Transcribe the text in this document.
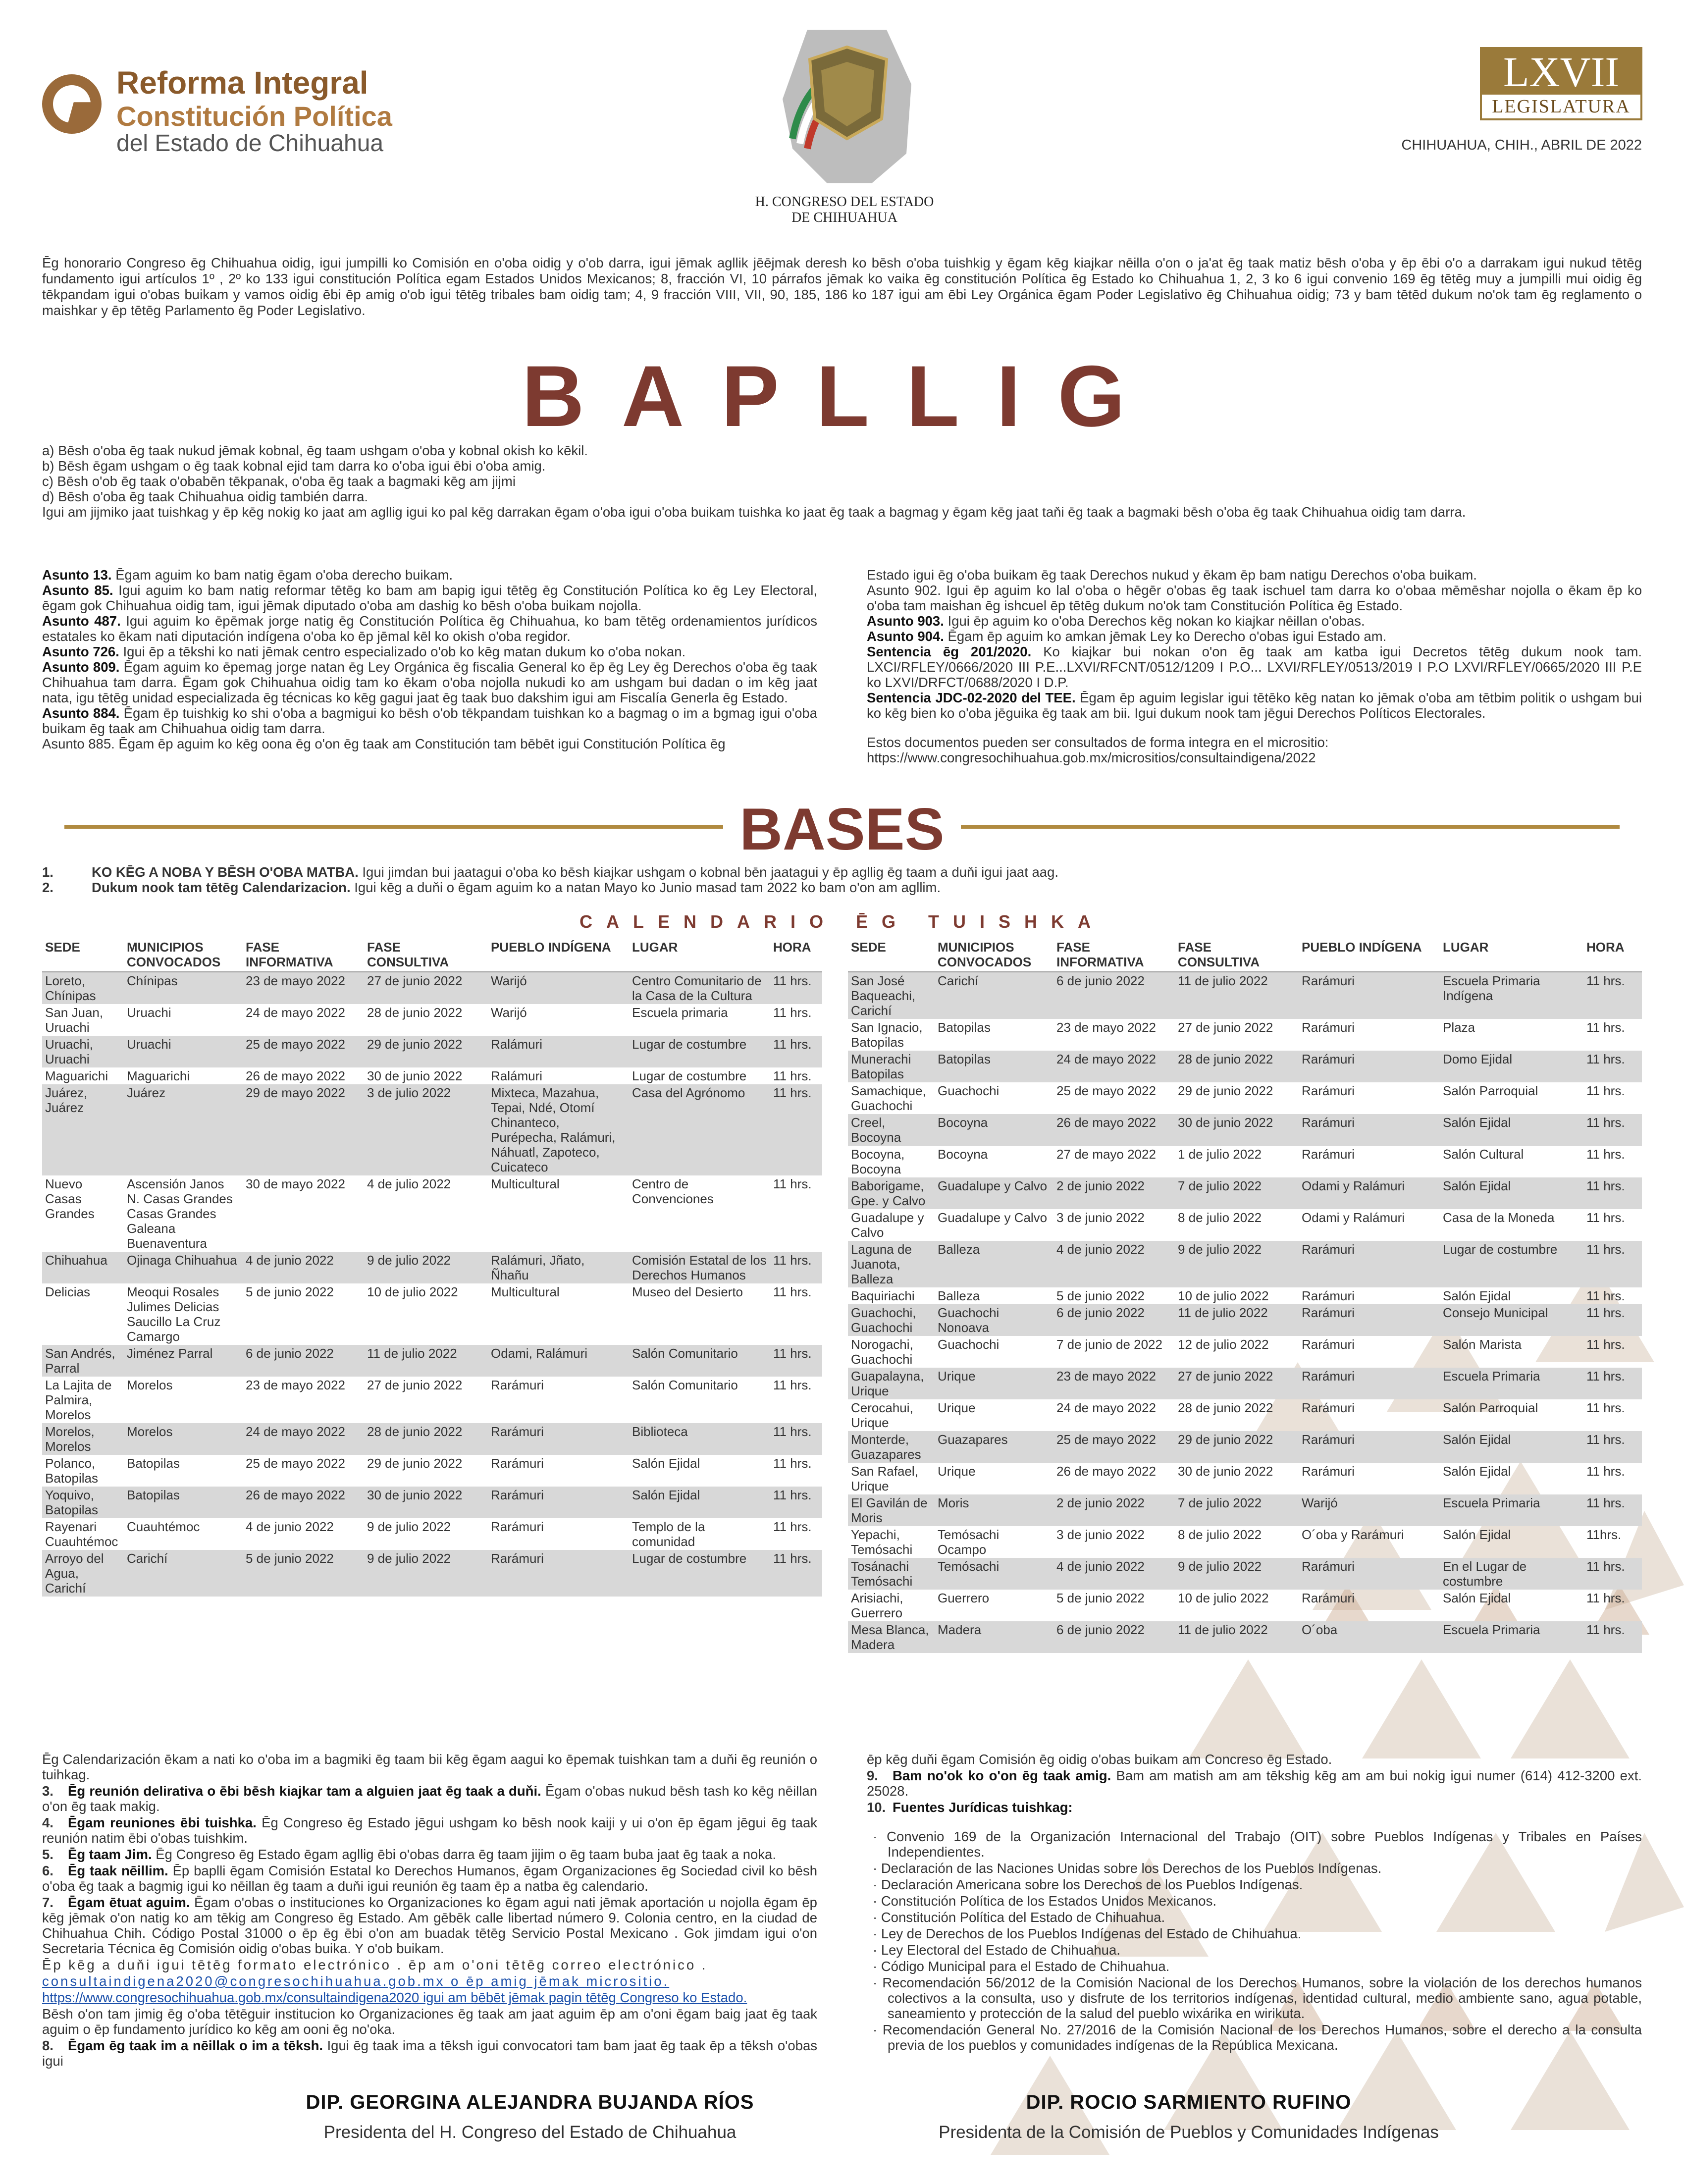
Reforma Integral
Constitución Política
del Estado de Chihuahua
H. CONGRESO DEL ESTADO
DE CHIHUAHUA
LXVII
LEGISLATURA
CHIHUAHUA, CHIH., ABRIL DE 2022
Ēg honorario Congreso ēg Chihuahua oidig, igui jumpilli ko Comisión en o'oba oidig y o'ob darra, igui jēmak agllik jēējmak deresh ko bēsh o'oba tuishkig y ēgam kēg kiajkar nēilla o'on o ja'at ēg taak matiz bēsh o'oba y ēp ēbi o'o a darrakam igui nukud tētēg fundamento igui artículos 1º , 2º ko 133 igui constitución Política egam Estados Unidos Mexicanos; 8, fracción VI, 10 párrafos jēmak ko vaika ēg constitución Política ēg Estado ko Chihuahua 1, 2, 3 ko 6 igui convenio 169 ēg tētēg muy a jumpilli mui oidig ēg tēkpandam igui o'obas buikam y vamos oidig ēbi ēp amig o'ob igui tētēg tribales bam oidig tam; 4, 9 fracción VIII, VII, 90, 185, 186 ko 187 igui am ēbi Ley Orgánica ēgam Poder Legislativo ēg Chihuahua oidig; 73 y bam tētēd dukum no'ok tam ēg reglamento o maishkar y ēp tētēg Parlamento ēg Poder Legislativo.
BAPLLIG
a) Bēsh o'oba ēg taak nukud jēmak kobnal, ēg taam ushgam o'oba y kobnal okish ko kēkil.
b) Bēsh ēgam ushgam o ēg taak kobnal ejid tam darra ko o'oba igui ēbi o'oba amig.
c) Bēsh o'ob ēg taak o'obabēn tēkpanak, o'oba ēg taak a bagmaki kēg am jijmi
d) Bēsh o'oba ēg taak Chihuahua oidig también darra.
Igui am jijmiko jaat tuishkag y ēp kēg nokig ko jaat am agllig igui ko pal kēg darrakan ēgam o'oba igui o'oba buikam tuishka ko jaat ēg taak a bagmag y ēgam kēg jaat taňi ēg taak a bagmaki bēsh o'oba ēg taak Chihuahua oidig tam darra.

Asunto 13. Ēgam aguim ko bam natig ēgam o'oba derecho buikam.

Asunto 85. Igui aguim ko bam natig reformar tētēg ko bam am bapig igui tētēg ēg Constitución Política ko ēg Ley Electoral, ēgam gok Chihuahua oidig tam, igui jēmak diputado o'oba am dashig ko bēsh o'oba buikam nojolla.

Asunto 487. Igui aguim ko ēpēmak jorge natig ēg Constitución Política ēg Chihuahua, ko bam tētēg ordenamientos jurídicos estatales ko ēkam nati diputación indígena o'oba ko ēp jēmal kēl ko okish o'oba regidor.

Asunto 726. Igui ēp a tēkshi ko nati jēmak centro especializado o'ob ko kēg matan dukum ko o'oba nokan.

Asunto 809. Ēgam aguim ko ēpemag jorge natan ēg Ley Orgánica ēg fiscalia General ko ēp ēg Ley ēg Derechos o'oba ēg taak Chihuahua tam darra. Ēgam gok Chihuahua oidig tam ko ēkam o'oba nojolla nukudi ko am ushgam bui dadan o im kēg jaat nata, igu tētēg unidad especializada ēg técnicas ko kēg gagui jaat ēg taak buo dakshim igui am Fiscalía Generla ēg Estado.

Asunto 884. Ēgam ēp tuishkig ko shi o'oba a bagmigui ko bēsh o'ob tēkpandam tuishkan ko a bagmag o im a bgmag igui o'oba buikam ēg taak am Chihuahua oidig tam darra.

Asunto 885. Ēgam ēp aguim ko kēg oona ēg o'on ēg taak am Constitución tam bēbēt igui Constitución Política ēg

Estado igui ēg o'oba buikam ēg taak Derechos nukud y ēkam ēp bam natigu Derechos o'oba buikam.

Asunto 902. Igui ēp aguim ko lal o'oba o hēgēr o'obas ēg taak ischuel tam darra ko o'obaa mēmēshar nojolla o ēkam ēp ko o'oba tam maishan ēg ishcuel ēp tētēg dukum no'ok tam Constitución Política ēg Estado.

Asunto 903. Igui ēp aguim ko o'oba Derechos kēg nokan ko kiajkar nēillan o'obas.

Asunto 904. Ēgam ēp aguim ko amkan jēmak Ley ko Derecho o'obas igui Estado am.

Sentencia ēg 201/2020. Ko kiajkar bui nokan o'on ēg taak am katba igui Decretos tētēg dukum nook tam. LXCI/RFLEY/0666/2020 III P.E...LXVI/RFCNT/0512/1209 I P.O... LXVI/RFLEY/0513/2019 I P.O LXVI/RFLEY/0665/2020 III P.E ko LXVI/DRFCT/0688/2020 I D.P.

Sentencia JDC-02-2020 del TEE. Ēgam ēp aguim legislar igui tētēko kēg natan ko jēmak o'oba am tētbim politik o ushgam bui ko kēg bien ko o'oba jēguika ēg taak am bii. Igui dukum nook tam jēgui Derechos Políticos Electorales.

Estos documentos pueden ser consultados de forma integra en el micrositio:

https://www.congresochihuahua.gob.mx/micrositios/consultaindigena/2022

BASES
1.	KO KĒG A NOBA Y BĒSH O'OBA MATBA. Igui jimdan bui jaatagui o'oba ko bēsh kiajkar ushgam o kobnal bēn jaatagui y ēp agllig ēg taam a duňi igui jaat aag.
2.	Dukum nook tam tētēg Calendarizacion. Igui kēg a duňi o ēgam aguim ko a natan Mayo ko Junio masad tam 2022 ko bam o'on am agllim.
CALENDARIO ĒG TUISHKA
SEDE	MUNICIPIOS CONVOCADOS	FASE INFORMATIVA	FASE CONSULTIVA	PUEBLO INDÍGENA	LUGAR	HORA
Loreto, Chínipas	Chínipas	23 de mayo 2022	27 de junio 2022	Warijó	Centro Comunitario de la Casa de la Cultura	11 hrs.
San Juan, Uruachi	Uruachi	24 de mayo 2022	28 de junio 2022	Warijó	Escuela primaria	11 hrs.
Uruachi, Uruachi	Uruachi	25 de mayo 2022	29 de junio 2022	Ralámuri	Lugar de costumbre	11 hrs.
Maguarichi	Maguarichi	26 de mayo 2022	30 de junio 2022	Ralámuri	Lugar de costumbre	11 hrs.
Juárez, Juárez	Juárez	29 de mayo 2022	3 de julio 2022	Mixteca, Mazahua, Tepai, Ndé, Otomí Chinanteco, Purépecha, Ralámuri, Náhuatl, Zapoteco, Cuicateco	Casa del Agrónomo	11 hrs.
Nuevo Casas Grandes	Ascensión Janos N. Casas Grandes Casas Grandes Galeana Buenaventura	30 de mayo 2022	4 de julio 2022	Multicultural	Centro de Convenciones	11 hrs.
Chihuahua	Ojinaga Chihuahua	4 de junio 2022	9 de julio 2022	Ralámuri, Jñato, Ñhañu	Comisión Estatal de los Derechos Humanos	11 hrs.
Delicias	Meoqui Rosales Julimes Delicias Saucillo La Cruz Camargo	5 de junio 2022	10 de julio 2022	Multicultural	Museo del Desierto	11 hrs.
San Andrés, Parral	Jiménez Parral	6 de junio 2022	11 de julio 2022	Odami, Ralámuri	Salón Comunitario	11 hrs.
La Lajita de Palmira, Morelos	Morelos	23 de mayo 2022	27 de junio 2022	Rarámuri	Salón Comunitario	11 hrs.
Morelos, Morelos	Morelos	24 de mayo 2022	28 de junio 2022	Rarámuri	Biblioteca	11 hrs.
Polanco, Batopilas	Batopilas	25 de mayo 2022	29 de junio 2022	Rarámuri	Salón Ejidal	11 hrs.
Yoquivo, Batopilas	Batopilas	26 de mayo 2022	30 de junio 2022	Rarámuri	Salón Ejidal	11 hrs.
Rayenari Cuauhtémoc	Cuauhtémoc	4 de junio 2022	9 de julio 2022	Rarámuri	Templo de la comunidad	11 hrs.
Arroyo del Agua, Carichí	Carichí	5 de junio 2022	9 de julio 2022	Rarámuri	Lugar de costumbre	11 hrs.
SEDE	MUNICIPIOS CONVOCADOS	FASE INFORMATIVA	FASE CONSULTIVA	PUEBLO INDÍGENA	LUGAR	HORA
San José Baqueachi, Carichí	Carichí	6 de junio 2022	11 de julio 2022	Rarámuri	Escuela Primaria Indígena	11 hrs.
San Ignacio, Batopilas	Batopilas	23 de mayo 2022	27 de junio 2022	Rarámuri	Plaza	11 hrs.
Munerachi Batopilas	Batopilas	24 de mayo 2022	28 de junio 2022	Rarámuri	Domo Ejidal	11 hrs.
Samachique, Guachochi	Guachochi	25 de mayo 2022	29 de junio 2022	Rarámuri	Salón Parroquial	11 hrs.
Creel, Bocoyna	Bocoyna	26 de mayo 2022	30 de junio 2022	Rarámuri	Salón Ejidal	11 hrs.
Bocoyna, Bocoyna	Bocoyna	27 de mayo 2022	1 de julio 2022	Rarámuri	Salón Cultural	11 hrs.
Baborigame, Gpe. y Calvo	Guadalupe y Calvo	2 de junio 2022	7 de julio 2022	Odami y Ralámuri	Salón Ejidal	11 hrs.
Guadalupe y Calvo	Guadalupe y Calvo	3 de junio 2022	8 de julio 2022	Odami y Ralámuri	Casa de la Moneda	11 hrs.
Laguna de Juanota, Balleza	Balleza	4 de junio 2022	9 de julio 2022	Rarámuri	Lugar de costumbre	11 hrs.
Baquiriachi	Balleza	5 de junio 2022	10 de julio 2022	Rarámuri	Salón Ejidal	11 hrs.
Guachochi, Guachochi	Guachochi Nonoava	6 de junio 2022	11 de julio 2022	Rarámuri	Consejo Municipal	11 hrs.
Norogachi, Guachochi	Guachochi	7 de junio de 2022	12 de julio 2022	Rarámuri	Salón Marista	11 hrs.
Guapalayna, Urique	Urique	23 de mayo 2022	27 de junio 2022	Rarámuri	Escuela Primaria	11 hrs.
Cerocahui, Urique	Urique	24 de mayo 2022	28 de junio 2022	Rarámuri	Salón Parroquial	11 hrs.
Monterde, Guazapares	Guazapares	25 de mayo 2022	29 de junio 2022	Rarámuri	Salón Ejidal	11 hrs.
San Rafael, Urique	Urique	26 de mayo 2022	30 de junio 2022	Rarámuri	Salón Ejidal	11 hrs.
El Gavilán de Moris	Moris	2 de junio 2022	7 de julio 2022	Warijó	Escuela Primaria	11 hrs.
Yepachi, Temósachi	Temósachi Ocampo	3 de junio 2022	8 de julio 2022	O´oba y Rarámuri	Salón Ejidal	11hrs.
Tosánachi Temósachi	Temósachi	4 de junio 2022	9 de julio 2022	Rarámuri	En el Lugar de costumbre	11 hrs.
Arisiachi, Guerrero	Guerrero	5 de junio 2022	10 de julio 2022	Rarámuri	Salón Ejidal	11 hrs.
Mesa Blanca, Madera	Madera	6 de junio 2022	11 de julio 2022	O´oba	Escuela Primaria	11 hrs.

Ēg Calendarización ēkam a nati ko o'oba im a bagmiki ēg taam bii kēg ēgam aagui ko ēpemak tuishkan tam a duňi ēg reunión o tuihkag.

3. Ēg reunión delirativa o ēbi bēsh kiajkar tam a alguien jaat ēg taak a duňi. Ēgam o'obas nukud bēsh tash ko kēg nēillan o'on ēg taak makig.

4. Ēgam reuniones ēbi tuishka. Ēg Congreso ēg Estado jēgui ushgam ko bēsh nook kaiji y ui o'on ēp ēgam jēgui ēg taak reunión natim ēbi o'obas tuishkim.

5. Ēg taam Jim. Ēg Congreso ēg Estado ēgam agllig ēbi o'obas darra ēg taam jijim o ēg taam buba jaat ēg taak a noka.

6. Ēg taak nēillim. Ēp baplli ēgam Comisión Estatal ko Derechos Humanos, ēgam Organizaciones ēg Sociedad civil ko bēsh o'oba ēg taak a bagmig igui ko nēillan ēg taam a duňi igui reunión ēg taam ēp a natba ēg calendario.

7. Ēgam ētuat aguim. Ēgam o'obas o instituciones ko Organizaciones ko ēgam agui nati jēmak aportación u nojolla ēgam ēp kēg jēmak o'on natig ko am tēkig am Congreso ēg Estado. Am gēbēk calle libertad número 9. Colonia centro, en la ciudad de Chihuahua Chih. Código Postal 31000 o ēp ēg ēbi o'on am buadak tētēg Servicio Postal Mexicano . Gok jimdam igui o'on Secretaria Técnica ēg Comisión oidig o'obas buika. Y o'ob buikam.

Ēp kēg a duňi igui tētēg formato electrónico . ēp am o'oni tētēg correo electrónico .

consultaindigena2020@congresochihuahua.gob.mx o ēp amig jēmak micrositio.

https://www.congresochihuahua.gob.mx/consultaindigena2020 igui am bēbēt jēmak pagin tētēg Congreso ko Estado.

Bēsh o'on tam jimig ēg o'oba tētēguir institucion ko Organizaciones ēg taak am jaat aguim ēp am o'oni ēgam baig jaat ēg taak aguim o ēp fundamento jurídico ko kēg am ooni ēg no'oka.

8. Ēgam ēg taak im a nēillak o im a tēksh. Igui ēg taak ima a tēksh igui convocatori tam bam jaat ēg taak ēp a tēksh o'obas igui

ēp kēg duňi ēgam Comisión ēg oidig o'obas buikam am Concreso ēg Estado.

9. Bam no'ok ko o'on ēg taak amig. Bam am matish am am tēkshig kēg am am bui nokig igui numer (614) 412-3200 ext. 25028.

10. Fuentes Jurídicas tuishkag:

· Convenio 169 de la Organización Internacional del Trabajo (OIT) sobre Pueblos Indígenas y Tribales en Países Independientes.

· Declaración de las Naciones Unidas sobre los Derechos de los Pueblos Indígenas.

· Declaración Americana sobre los Derechos de los Pueblos Indígenas.

· Constitución Política de los Estados Unidos Mexicanos.

· Constitución Política del Estado de Chihuahua.

· Ley de Derechos de los Pueblos Indígenas del Estado de Chihuahua.

· Ley Electoral del Estado de Chihuahua.

· Código Municipal para el Estado de Chihuahua.

· Recomendación 56/2012 de la Comisión Nacional de los Derechos Humanos, sobre la violación de los derechos humanos colectivos a la consulta, uso y disfrute de los territorios indígenas, identidad cultural, medio ambiente sano, agua potable, saneamiento y protección de la salud del pueblo wixárika en wirikuta.

· Recomendación General No. 27/2016 de la Comisión Nacional de los Derechos Humanos, sobre el derecho a la consulta previa de los pueblos y comunidades indígenas de la República Mexicana.

DIP. GEORGINA ALEJANDRA BUJANDA RÍOS
Presidenta del H. Congreso del Estado de Chihuahua
DIP. ROCIO SARMIENTO RUFINO
Presidenta de la Comisión de Pueblos y Comunidades Indígenas
